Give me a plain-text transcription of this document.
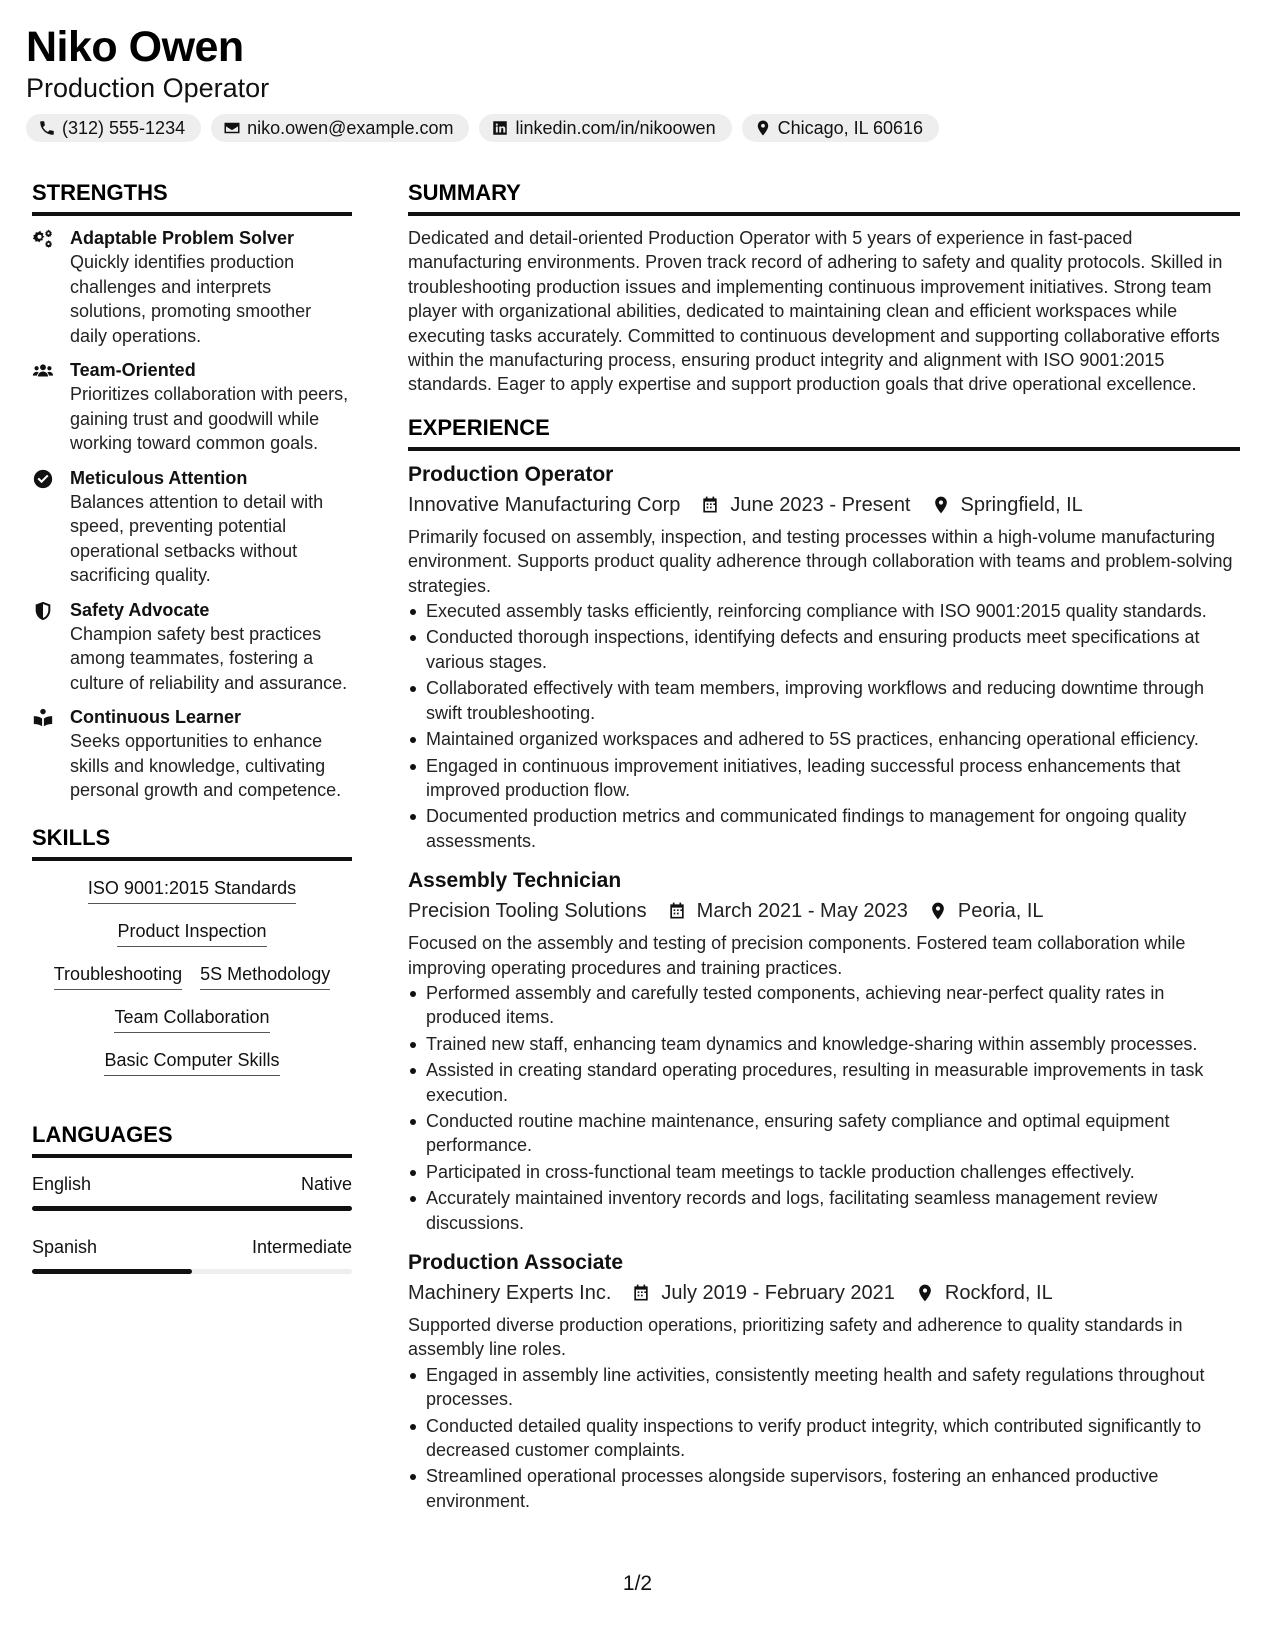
Niko Owen
Production Operator
(312) 555-1234	niko.owen@example.com	linkedin.com/in/nikoowen	Chicago, IL 60616
STRENGTHS
Adaptable Problem Solver
Quickly identifies production challenges and interprets solutions, promoting smoother daily operations.
Team-Oriented
Prioritizes collaboration with peers, gaining trust and goodwill while working toward common goals.
Meticulous Attention
Balances attention to detail with speed, preventing potential operational setbacks without sacrificing quality.
Safety Advocate
Champion safety best practices among teammates, fostering a culture of reliability and assurance.
Continuous Learner
Seeks opportunities to enhance skills and knowledge, cultivating personal growth and competence.
SKILLS
ISO 9001:2015 Standards
Product Inspection
Troubleshooting 5S Methodology
Team Collaboration
Basic Computer Skills
LANGUAGES
English	Native
Spanish	Intermediate
SUMMARY
Dedicated and detail-oriented Production Operator with 5 years of experience in fast-paced manufacturing environments. Proven track record of adhering to safety and quality protocols. Skilled in troubleshooting production issues and implementing continuous improvement initiatives. Strong team player with organizational abilities, dedicated to maintaining clean and efficient workspaces while executing tasks accurately. Committed to continuous development and supporting collaborative efforts within the manufacturing process, ensuring product integrity and alignment with ISO 9001:2015 standards. Eager to apply expertise and support production goals that drive operational excellence.
EXPERIENCE
Production Operator
Innovative Manufacturing Corp	June 2023 - Present	Springfield, IL
Primarily focused on assembly, inspection, and testing processes within a high-volume manufacturing environment. Supports product quality adherence through collaboration with teams and problem-solving strategies.
Executed assembly tasks efficiently, reinforcing compliance with ISO 9001:2015 quality standards.
Conducted thorough inspections, identifying defects and ensuring products meet specifications at various stages.
Collaborated effectively with team members, improving workflows and reducing downtime through swift troubleshooting.
Maintained organized workspaces and adhered to 5S practices, enhancing operational efficiency.
Engaged in continuous improvement initiatives, leading successful process enhancements that improved production flow.
Documented production metrics and communicated findings to management for ongoing quality assessments.
Assembly Technician
Precision Tooling Solutions	March 2021 - May 2023	Peoria, IL
Focused on the assembly and testing of precision components. Fostered team collaboration while improving operating procedures and training practices.
Performed assembly and carefully tested components, achieving near-perfect quality rates in produced items.
Trained new staff, enhancing team dynamics and knowledge-sharing within assembly processes.
Assisted in creating standard operating procedures, resulting in measurable improvements in task execution.
Conducted routine machine maintenance, ensuring safety compliance and optimal equipment performance.
Participated in cross-functional team meetings to tackle production challenges effectively.
Accurately maintained inventory records and logs, facilitating seamless management review discussions.
Production Associate
Machinery Experts Inc.	July 2019 - February 2021	Rockford, IL
Supported diverse production operations, prioritizing safety and adherence to quality standards in assembly line roles.
Engaged in assembly line activities, consistently meeting health and safety regulations throughout processes.
Conducted detailed quality inspections to verify product integrity, which contributed significantly to decreased customer complaints.
Streamlined operational processes alongside supervisors, fostering an enhanced productive environment.
1/2
